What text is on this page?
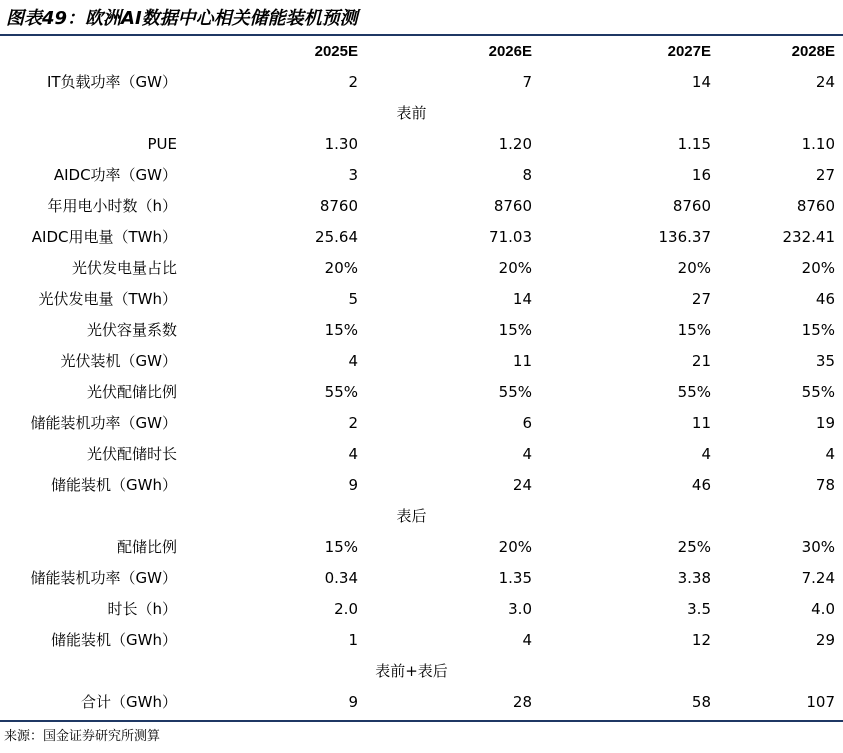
图表49：欧洲AI数据中心相关储能装机预测
	2025E	2026E	2027E	2028E
IT负载功率（GW）	2	7	14	24
表前				
PUE	1.30	1.20	1.15	1.10
AIDC功率（GW）	3	8	16	27
年用电小时数（h）	8760	8760	8760	8760
AIDC用电量（TWh）	25.64	71.03	136.37	232.41
光伏发电量占比	20%	20%	20%	20%
光伏发电量（TWh）	5	14	27	46
光伏容量系数	15%	15%	15%	15%
光伏装机（GW）	4	11	21	35
光伏配储比例	55%	55%	55%	55%
储能装机功率（GW）	2	6	11	19
光伏配储时长	4	4	4	4
储能装机（GWh）	9	24	46	78
表后				
配储比例	15%	20%	25%	30%
储能装机功率（GW）	0.34	1.35	3.38	7.24
时长（h）	2.0	3.0	3.5	4.0
储能装机（GWh）	1	4	12	29
表前+表后				
合计（GWh）	9	28	58	107
来源：国金证券研究所测算
